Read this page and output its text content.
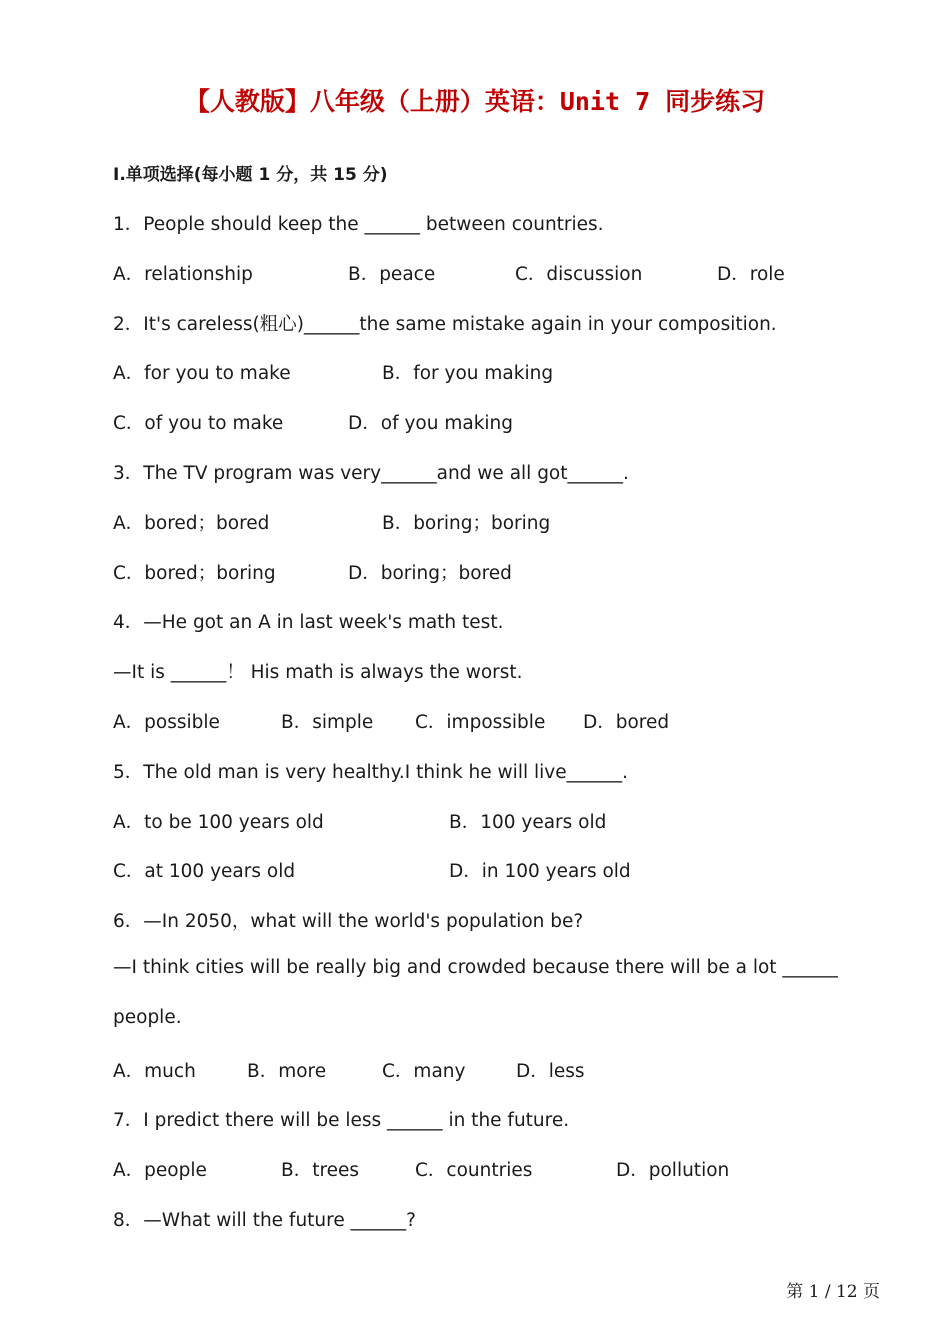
【人教版】八年级（上册）英语：Unit 7 同步练习
Ⅰ.单项选择(每小题 1 分，共 15 分)
1．People should keep the ______ between countries.
A．relationship	B．peace	C．discussion	D．role
2．It's careless(粗心)______the same mistake again in your composition.
A．for you to make	B．for you making
C．of you to make	D．of you making
3．The TV program was very______and we all got______.
A．bored；bored	B．boring；boring
C．bored；boring	D．boring；bored
4．—He got an A in last week's math test.
—It is ______！ His math is always the worst.
A．possible	B．simple C．impossible D．bored
5．The old man is very healthy.I think he will live______.
A．to be 100 years old	B．100 years old
C．at 100 years old	D．in 100 years old
6．—In 2050，what will the world's population be?
—I think cities will be really big and crowded because there will be a lot ______
people.
A．much	B．more	C．many	D．less
7．I predict there will be less ______ in the future.
A．people	B．trees	C．countries	D．pollution
8．—What will the future ______?
第 1 / 12 页
